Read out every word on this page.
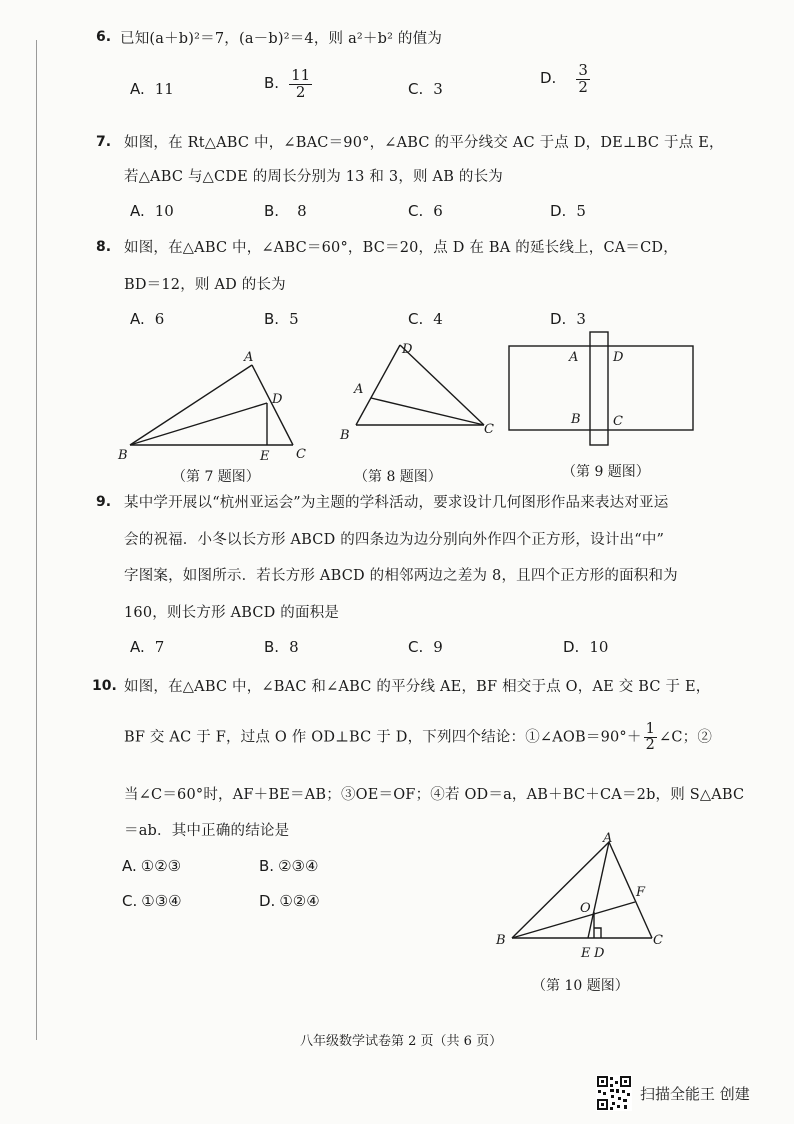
6. 已知(a＋b)²＝7，(a－b)²＝4，则 a²＋b² 的值为
A. 11	B. $\frac{11}{2}$	C. 3
D. $\frac{3}{2}$
7. 如图，在 Rt△ABC 中，∠BAC＝90°，∠ABC 的平分线交 AC 于点 D，DE⊥BC 于点 E，
若△ABC 与△CDE 的周长分别为 13 和 3，则 AB 的长为
A. 10	B. 8	C. 6	D. 5
8. 如图，在△ABC 中，∠ABC＝60°，BC＝20，点 D 在 BA 的延长线上，CA＝CD，
BD＝12，则 AD 的长为
A. 6	B. 5	C. 4	D. 3
A
B	C
D
E
（第 7 题图）
D
A
B	C
（第 8 题图）
A	D
B C
（第 9 题图）
9. 某中学开展以“杭州亚运会”为主题的学科活动，要求设计几何图形作品来表达对亚运
会的祝福．小冬以长方形 ABCD 的四条边为边分别向外作四个正方形，设计出“中”
字图案，如图所示．若长方形 ABCD 的相邻两边之差为 8，且四个正方形的面积和为
160，则长方形 ABCD 的面积是
A. 7	B. 8	C. 9	D. 10
10. 如图，在△ABC 中，∠BAC 和∠ABC 的平分线 AE，BF 相交于点 O，AE 交 BC 于 E，
BF 交 AC 于 F，过点 O 作 OD⊥BC 于 D，下列四个结论：①∠AOB＝90°＋ $\frac{1}{2}$ ∠C；②
当∠C＝60°时，AF＋BE＝AB；③OE＝OF；④若 OD＝a，AB＋BC＋CA＝2b，则 S△ABC
＝ab．其中正确的结论是
A. ①②③	B. ②③④
C. ①③④	D. ①②④
A
B	C
F
O
E D
（第 10 题图）
八年级数学试卷第 2 页（共 6 页）
扫描全能王 创建
